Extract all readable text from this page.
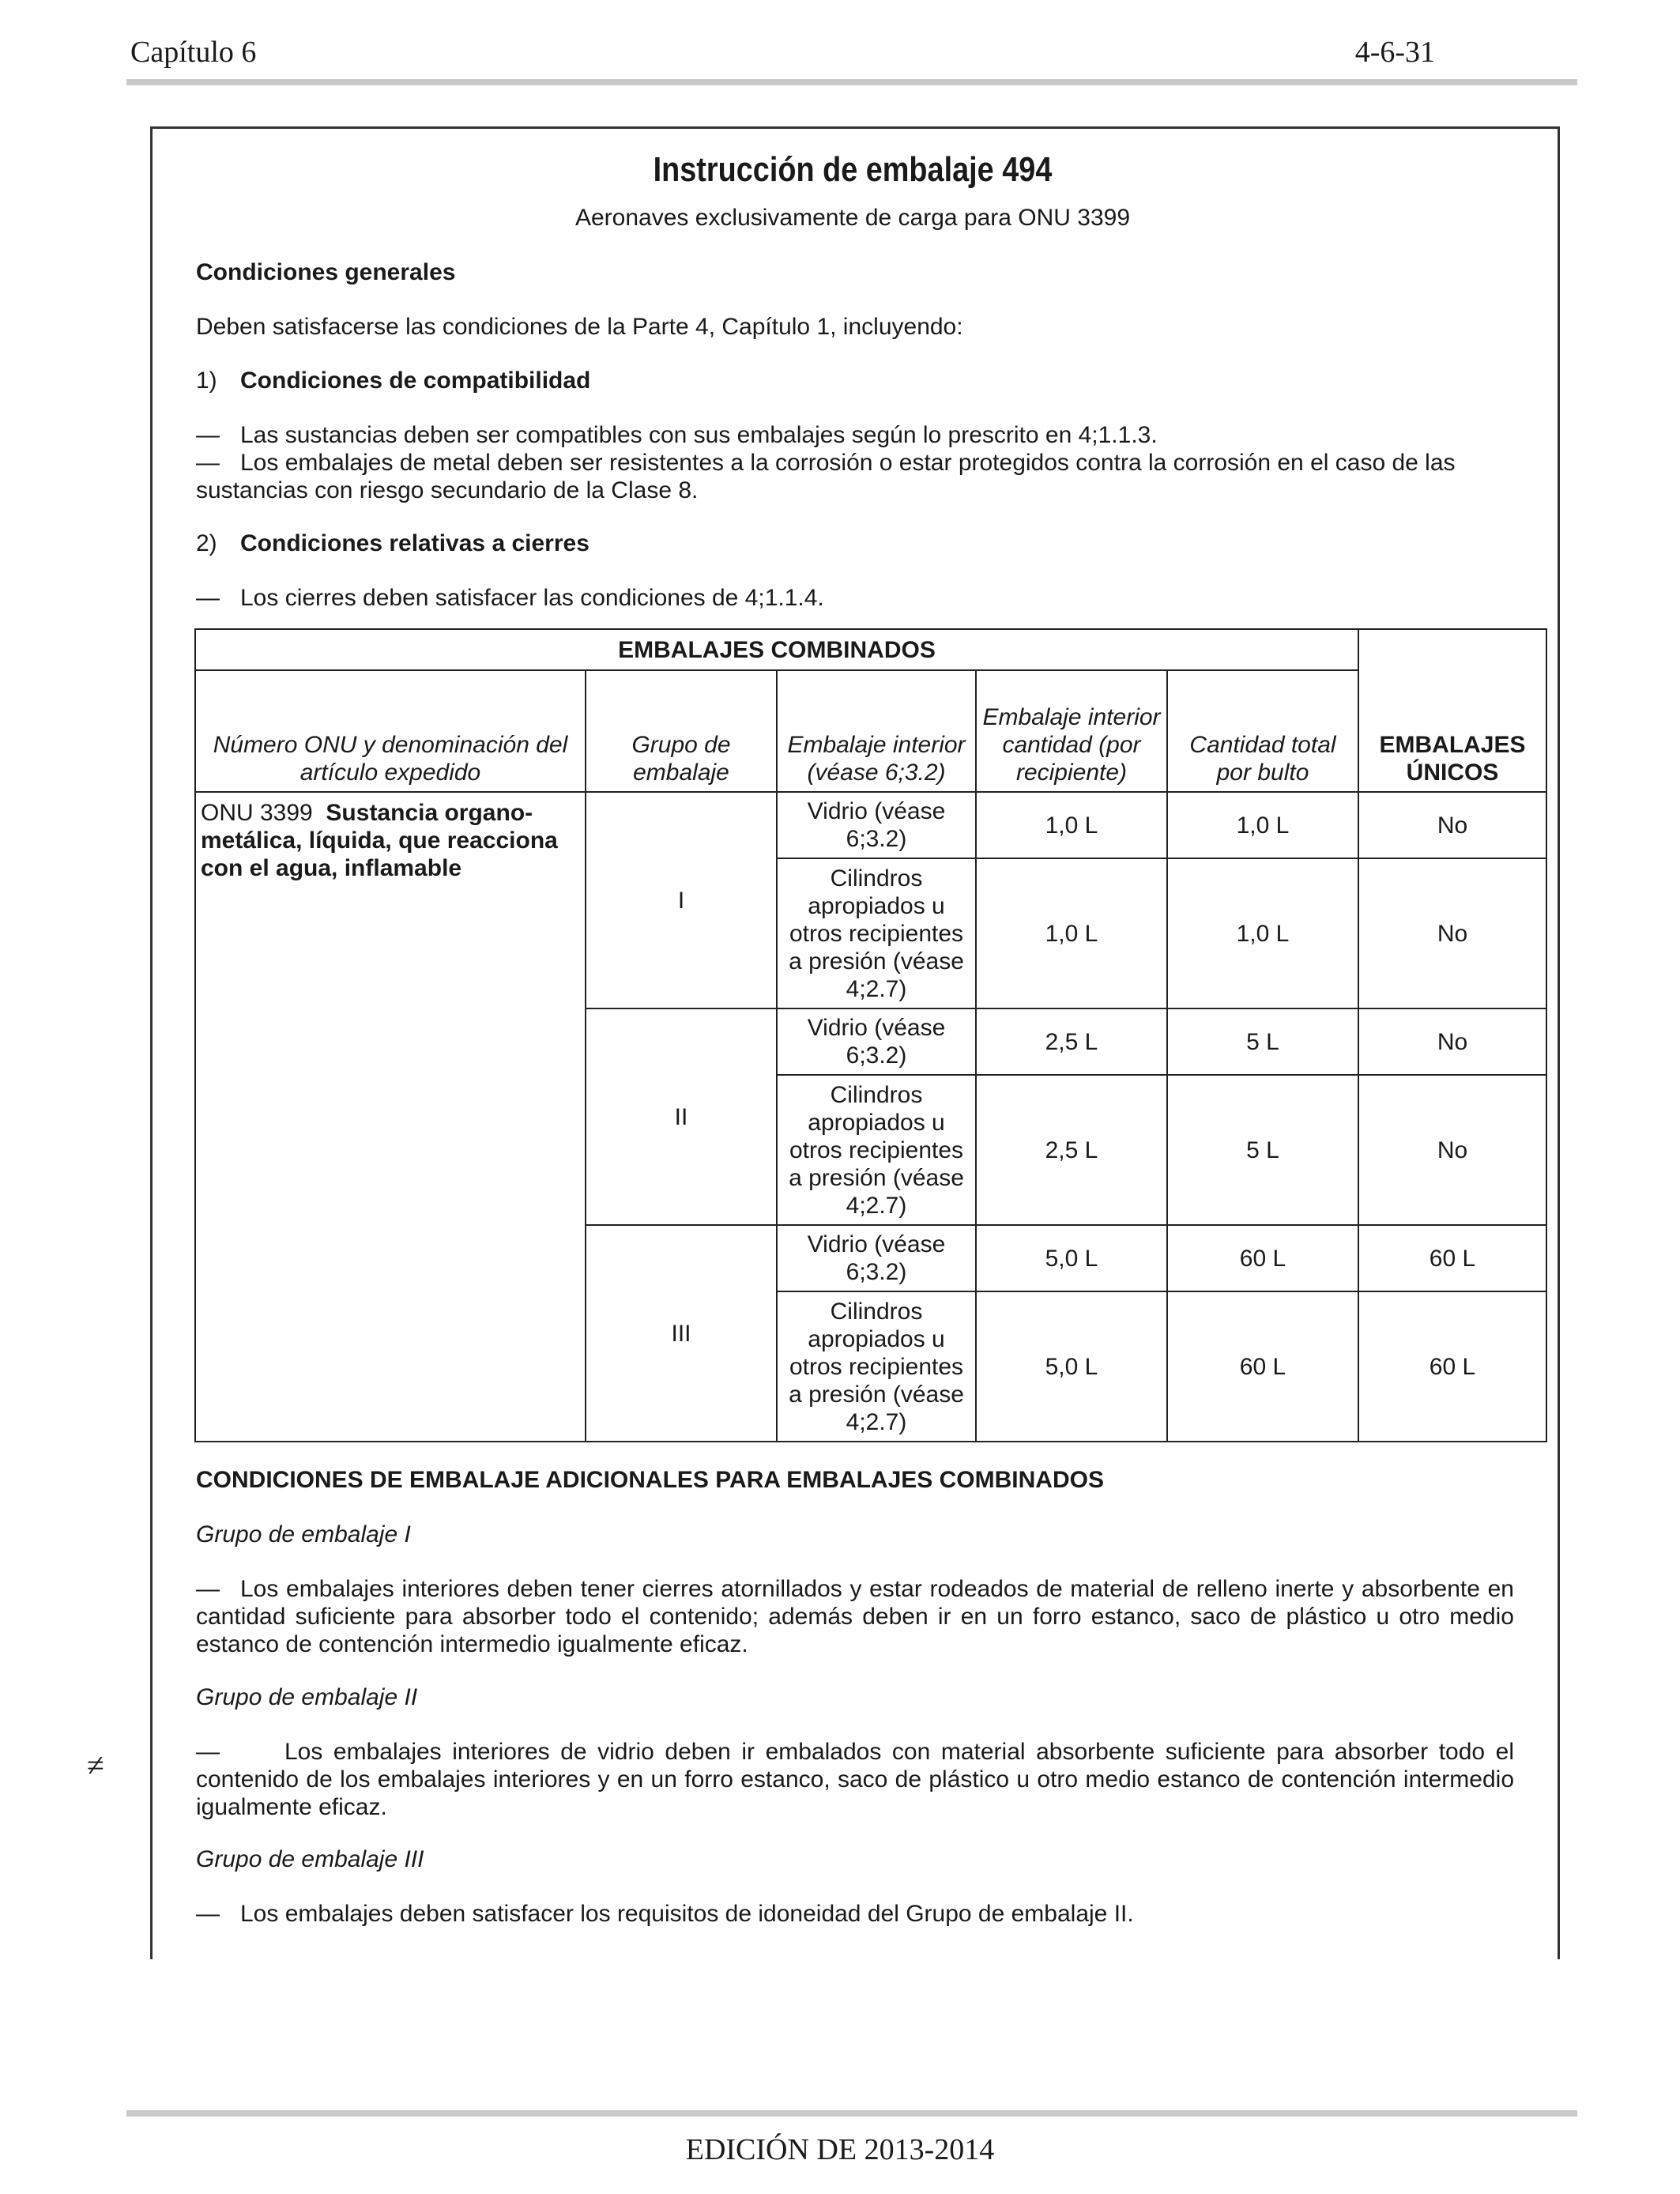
Capítulo 6	4-6-31
Instrucción de embalaje 494
Aeronaves exclusivamente de carga para ONU 3399
Condiciones generales
Deben satisfacerse las condiciones de la Parte 4, Capítulo 1, incluyendo:
1) Condiciones de compatibilidad
— Las sustancias deben ser compatibles con sus embalajes según lo prescrito en 4;1.1.3.
— Los embalajes de metal deben ser resistentes a la corrosión o estar protegidos contra la corrosión en el caso de las sustancias con riesgo secundario de la Clase 8.
2) Condiciones relativas a cierres
— Los cierres deben satisfacer las condiciones de 4;1.1.4.
EMBALAJES COMBINADOS					EMBALAJES ÚNICOS
Número ONU y denominación del artículo expedido	Grupo de embalaje	Embalaje interior (véase 6;3.2)	Embalaje interior cantidad (por recipiente)	Cantidad total por bulto	
ONU 3399 Sustancia organo-metálica, líquida, que reacciona con el agua, inflamable	I	Vidrio (véase 6;3.2)	1,0 L	1,0 L	No
		Cilindros apropiados u otros recipientes a presión (véase 4;2.7)	1,0 L	1,0 L	No
	II	Vidrio (véase 6;3.2)	2,5 L	5 L	No
		Cilindros apropiados u otros recipientes a presión (véase 4;2.7)	2,5 L	5 L	No
	III	Vidrio (véase 6;3.2)	5,0 L	60 L	60 L
		Cilindros apropiados u otros recipientes a presión (véase 4;2.7)	5,0 L	60 L	60 L
CONDICIONES DE EMBALAJE ADICIONALES PARA EMBALAJES COMBINADOS
Grupo de embalaje I
— Los embalajes interiores deben tener cierres atornillados y estar rodeados de material de relleno inerte y absorbente en cantidad suficiente para absorber todo el contenido; además deben ir en un forro estanco, saco de plástico u otro medio estanco de contención intermedio igualmente eficaz.
Grupo de embalaje II
—	Los embalajes interiores de vidrio deben ir embalados con material absorbente suficiente para absorber todo el contenido de los embalajes interiores y en un forro estanco, saco de plástico u otro medio estanco de contención intermedio igualmente eficaz.
Grupo de embalaje III
— Los embalajes deben satisfacer los requisitos de idoneidad del Grupo de embalaje II.
≠
EDICIÓN DE 2013-2014
